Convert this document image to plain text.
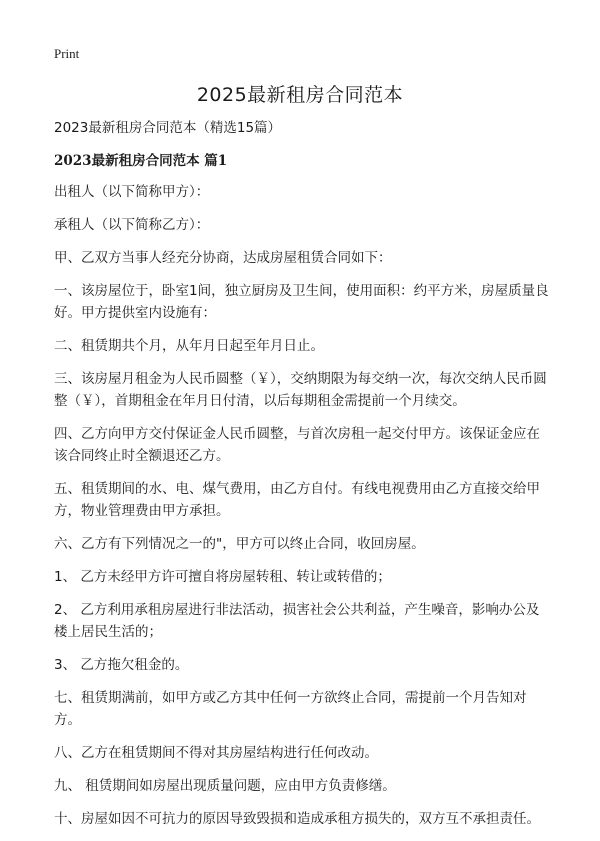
Print
2025最新租房合同范本

2023最新租房合同范本（精选15篇）

2023最新租房合同范本 篇1

出租人（以下简称甲方）：

承租人（以下简称乙方）：

甲、乙双方当事人经充分协商，达成房屋租赁合同如下：

一、该房屋位于，卧室1间，独立厨房及卫生间，使用面积：约平方米，房屋质量良好。甲方提供室内设施有：

二、租赁期共个月，从年月日起至年月日止。

三、该房屋月租金为人民币圆整（￥），交纳期限为每交纳一次，每次交纳人民币圆整（￥），首期租金在年月日付清，以后每期租金需提前一个月续交。

四、乙方向甲方交付保证金人民币圆整，与首次房租一起交付甲方。该保证金应在该合同终止时全额退还乙方。

五、租赁期间的水、电、煤气费用，由乙方自付。有线电视费用由乙方直接交给甲方，物业管理费由甲方承担。

六、乙方有下列情况之一的"，甲方可以终止合同，收回房屋。

1、 乙方未经甲方许可擅自将房屋转租、转让或转借的；

2、 乙方利用承租房屋进行非法活动，损害社会公共利益，产生噪音，影响办公及楼上居民生活的；

3、 乙方拖欠租金的。

七、租赁期满前，如甲方或乙方其中任何一方欲终止合同，需提前一个月告知对方。

八、乙方在租赁期间不得对其房屋结构进行任何改动。

九、 租赁期间如房屋出现质量问题，应由甲方负责修缮。

十、房屋如因不可抗力的原因导致毁损和造成承租方损失的，双方互不承担责任。
